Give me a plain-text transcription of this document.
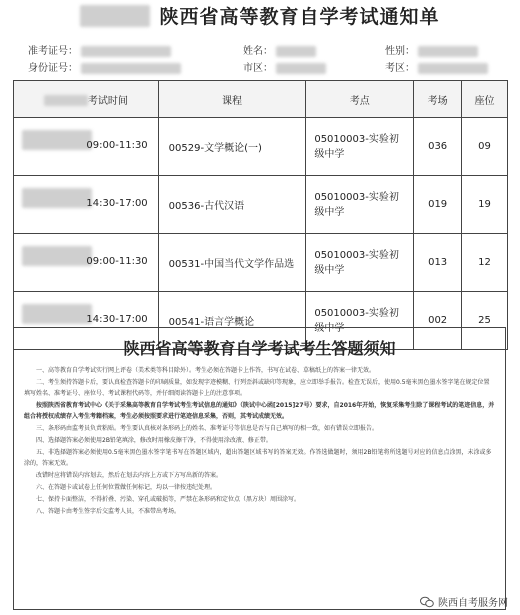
陕西省高等教育自学考试通知单
准考证号：
身份证号：
姓名：
市区：
性别：
考区：
考试时间	课程	考点	考场	座位

09:00-11:30	00529-文学概论(一)	05010003-实验初
级中学	036	09

14:30-17:00	00536-古代汉语	05010003-实验初
级中学	019	19

09:00-11:30	00531-中国当代文学作品选	05010003-实验初
级中学	013	12

14:30-17:00	00541-语言学概论	05010003-实验初
级中学	002	25
陕西省高等教育自学考试考生答题须知

一、高等教育自学考试实行网上评卷（美术类等科目除外）。考生必须在答题卡上作答，书写在试卷、草稿纸上的答案一律无效。

二、考生须持答题卡后，要认真检查答题卡的印刷质量，如发现字迹模糊、行列歪斜或缺印等现象，应立即举手报告。检查无误后，使用0.5毫米黑色墨水签字笔在规定位置填写姓名、准考证号、座位号、考试课程代码等，并仔细阅读答题卡上的注意事项。

按照陕西省教育考试中心《关于采集高等教育自学考试考生考试信息的通知》（陕试中心函[2015]27号）要求，自2016年开始，恢复采集考生除了课程考试的笔迹信息，并组合将授权成绩存入考生考籍档案，考生必须按照要求进行笔迹信息采集，否则，其考试成绩无效。

三、条形码由监考员负责粘贴。考生要认真核对条形码上的姓名、准考证号等信息是否与自己填写的相一致，如有错误立即报告。

四、选择题答案必须使用2B铅笔填涂，修改时用橡皮擦干净，不得使用涂改液、修正带。

五、非选择题答案必须使用0.5毫米黑色墨水签字笔书写在答题区域内，超出答题区域书写的答案无效。作答选做题时，须用2B铅笔将所选题号对应的信息点涂黑，未涂或多涂的，答案无效。

改错时应将错误内容划去，然后在划去内容上方或下方写出新的答案。

六、在答题卡或试卷上任何位置做任何标记，均以一律按违纪处理。

七、保持卡面整洁，不得折叠、污染、穿孔或破损等，严禁在条形码和定位点（黑方块）周围涂写。

八、答题卡由考生签字后交监考人员，不准带出考场。

陕西自考服务网
